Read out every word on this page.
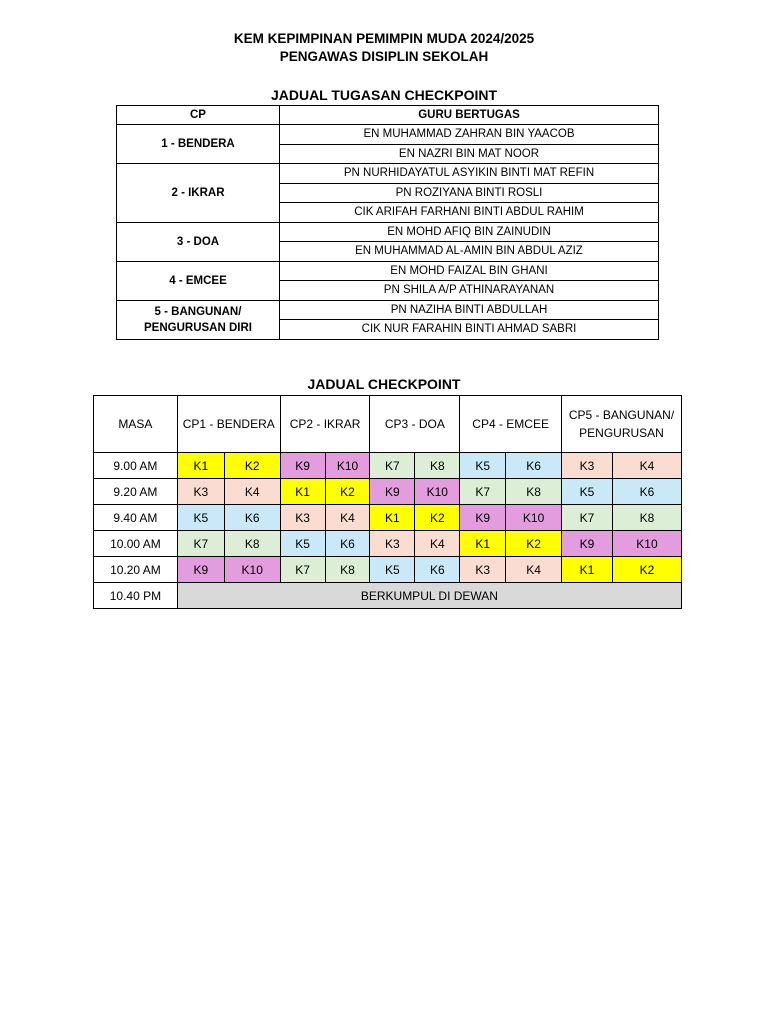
KEM KEPIMPINAN PEMIMPIN MUDA 2024/2025
PENGAWAS DISIPLIN SEKOLAH
JADUAL TUGASAN CHECKPOINT
CP	GURU BERTUGAS
1 - BENDERA	EN MUHAMMAD ZAHRAN BIN YAACOB
	EN NAZRI BIN MAT NOOR
2 - IKRAR	PN NURHIDAYATUL ASYIKIN BINTI MAT REFIN
	PN ROZIYANA BINTI ROSLI
	CIK ARIFAH FARHANI BINTI ABDUL RAHIM
3 - DOA	EN MOHD AFIQ BIN ZAINUDIN
	EN MUHAMMAD AL-AMIN BIN ABDUL AZIZ
4 - EMCEE	EN MOHD FAIZAL BIN GHANI
	PN SHILA A/P ATHINARAYANAN
5 - BANGUNAN/
PENGURUSAN DIRI	PN NAZIHA BINTI ABDULLAH
	CIK NUR FARAHIN BINTI AHMAD SABRI
JADUAL CHECKPOINT
MASA	CP1 - BENDERA		CP2 - IKRAR		CP3 - DOA		CP4 - EMCEE		CP5 - BANGUNAN/
PENGURUSAN	
9.00 AM	K1	K2	K9	K10	K7	K8	K5	K6	K3	K4
9.20 AM	K3	K4	K1	K2	K9	K10	K7	K8	K5	K6
9.40 AM	K5	K6	K3	K4	K1	K2	K9	K10	K7	K8
10.00 AM	K7	K8	K5	K6	K3	K4	K1	K2	K9	K10
10.20 AM	K9	K10	K7	K8	K5	K6	K3	K4	K1	K2
10.40 PM	BERKUMPUL DI DEWAN									
